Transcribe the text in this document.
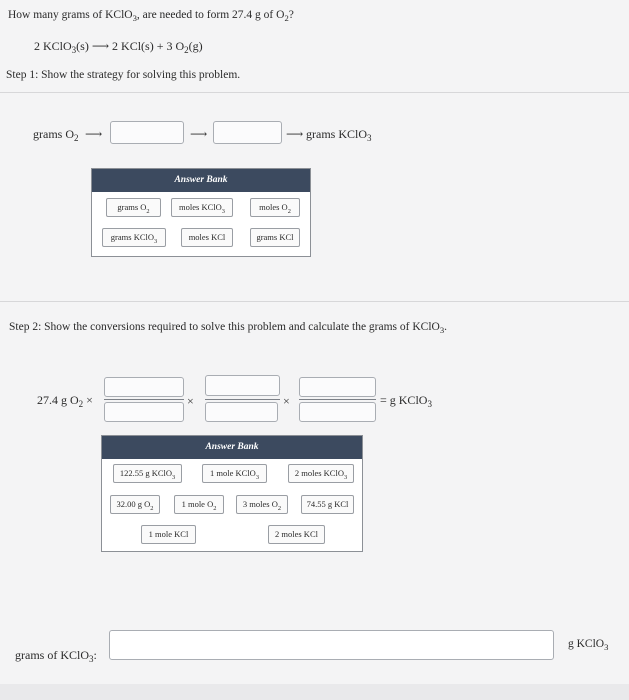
How many grams of KClO$_3$, are needed to form 27.4 g of $O_2$?
2 KClO$_3$(s) ⟶ 2 KCl(s) + 3 $O_2(g)$
Step 1: Show the strategy for solving this problem.
grams $O_2$ ⟶	⟶	⟶ grams KClO$_3$
Answer Bank
grams $O_2$	moles KClO$_3$	moles $O_2$
grams KClO$_3$	moles KCl	grams KCl
Step 2: Show the conversions required to solve this problem and calculate the grams of KClO$_3$.
27.4 g $O_2$ ×	×	×	= g KClO$_3$
Answer Bank
122.55 g KClO$_3$	1 mole KClO$_3$	2 moles KClO$_3$
32.00 g $O_2$	1 mole $O_2$	3 moles $O_2$	74.55 g KCl
1 mole KCl	2 moles KCl
grams of KClO$_3$:
g KClO$_3$
